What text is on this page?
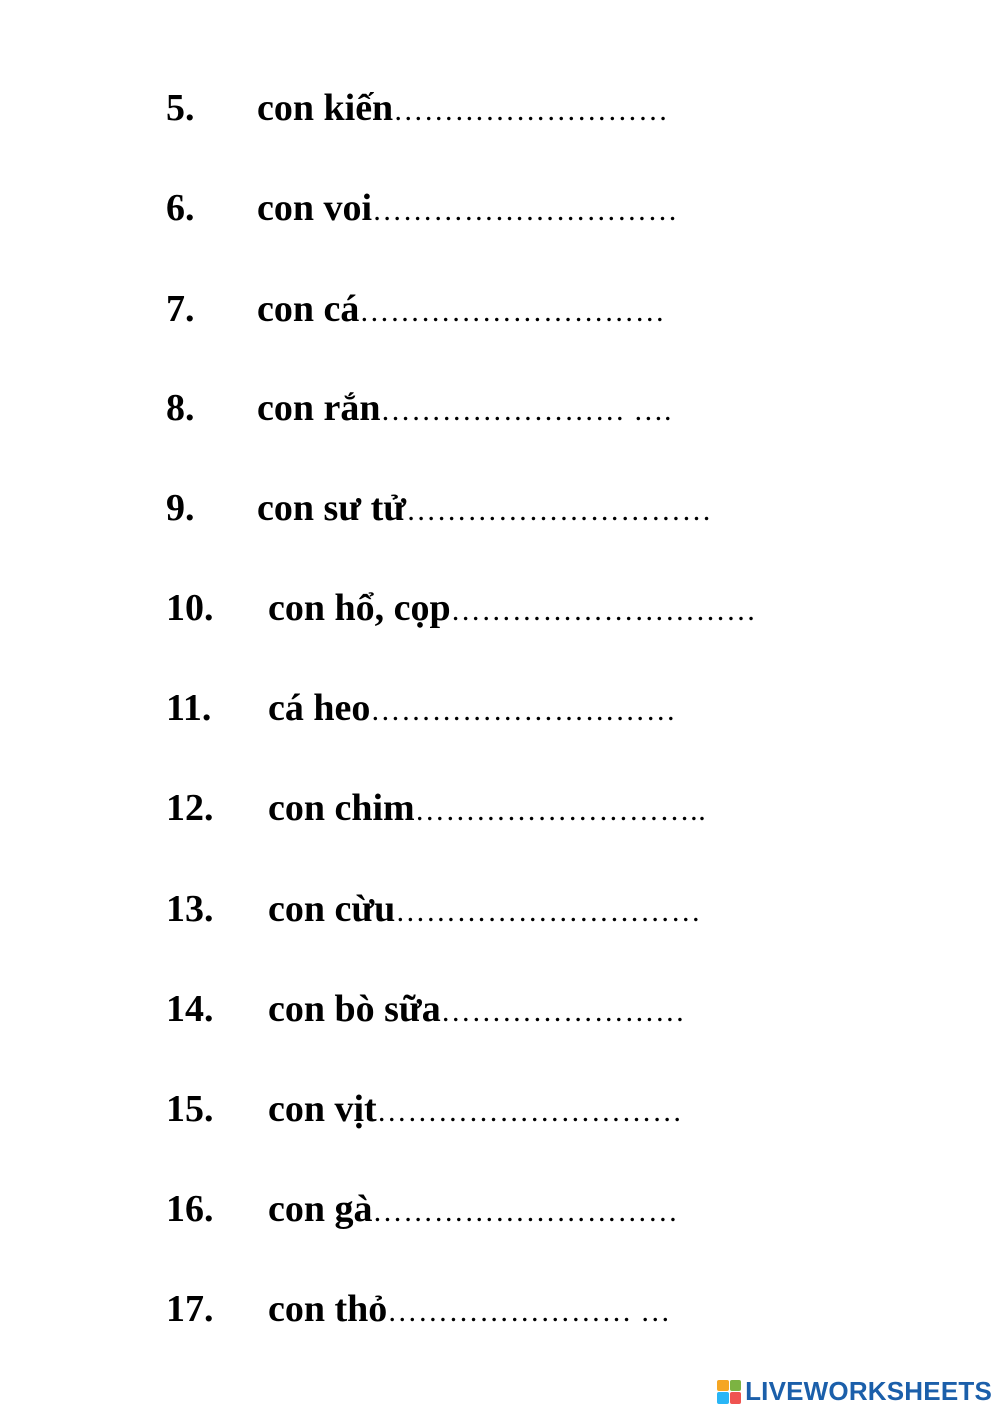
5.	con kiến ………………………
6.	con voi …………………………
7.	con cá …………………………
8.	con rắn …………………… ….
9.	con sư tử …………………………
10.	con hổ, cọp …………………………
11.	cá heo …………………………
12.	con chim ………………………..
13.	con cừu …………………………
14.	con bò sữa ……………………
15.	con vịt …………………………
16.	con gà …………………………
17.	con thỏ …………………… …
LIVEWORKSHEETS
